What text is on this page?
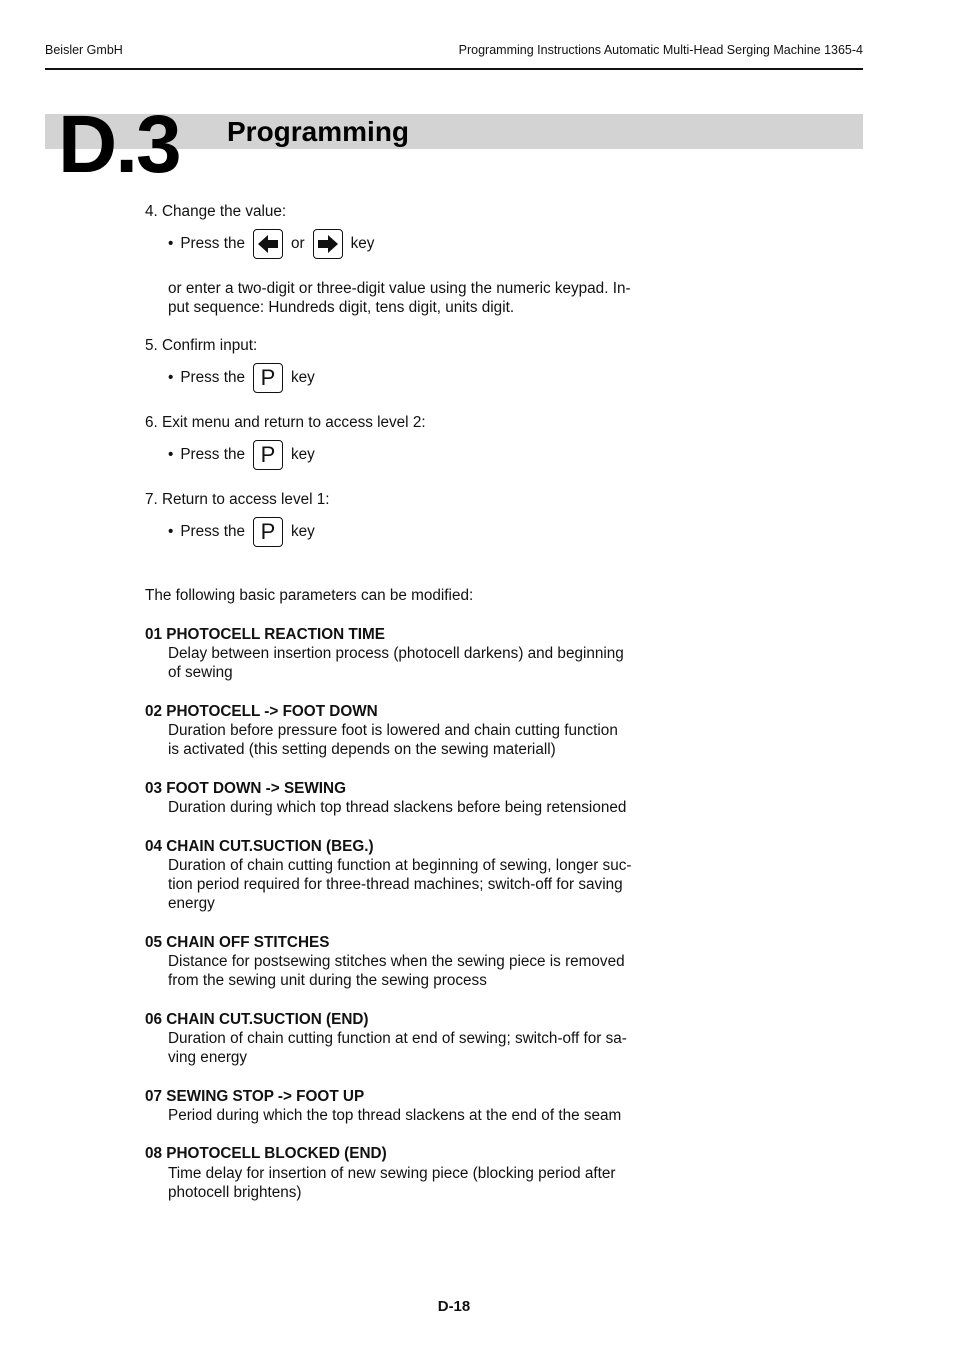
Beisler GmbH	Programming Instructions Automatic Multi-Head Serging Machine 1365-4
D.3 Programming
4. Change the value:
• Press the	or	key
or enter a two-digit or three-digit value using the numeric keypad. In-
put sequence: Hundreds digit, tens digit, units digit.
5. Confirm input:
• Press the P key
6. Exit menu and return to access level 2:
• Press the P key
7. Return to access level 1:
• Press the P key
The following basic parameters can be modified:
01 PHOTOCELL REACTION TIME
Delay between insertion process (photocell darkens) and beginning
of sewing
02 PHOTOCELL -> FOOT DOWN
Duration before pressure foot is lowered and chain cutting function
is activated (this setting depends on the sewing materiall)
03 FOOT DOWN -> SEWING
Duration during which top thread slackens before being retensioned
04 CHAIN CUT.SUCTION (BEG.)
Duration of chain cutting function at beginning of sewing, longer suc-
tion period required for three-thread machines; switch-off for saving
energy
05 CHAIN OFF STITCHES
Distance for postsewing stitches when the sewing piece is removed
from the sewing unit during the sewing process
06 CHAIN CUT.SUCTION (END)
Duration of chain cutting function at end of sewing; switch-off for sa-
ving energy
07 SEWING STOP -> FOOT UP
Period during which the top thread slackens at the end of the seam
08 PHOTOCELL BLOCKED (END)
Time delay for insertion of new sewing piece (blocking period after
photocell brightens)
D-18
